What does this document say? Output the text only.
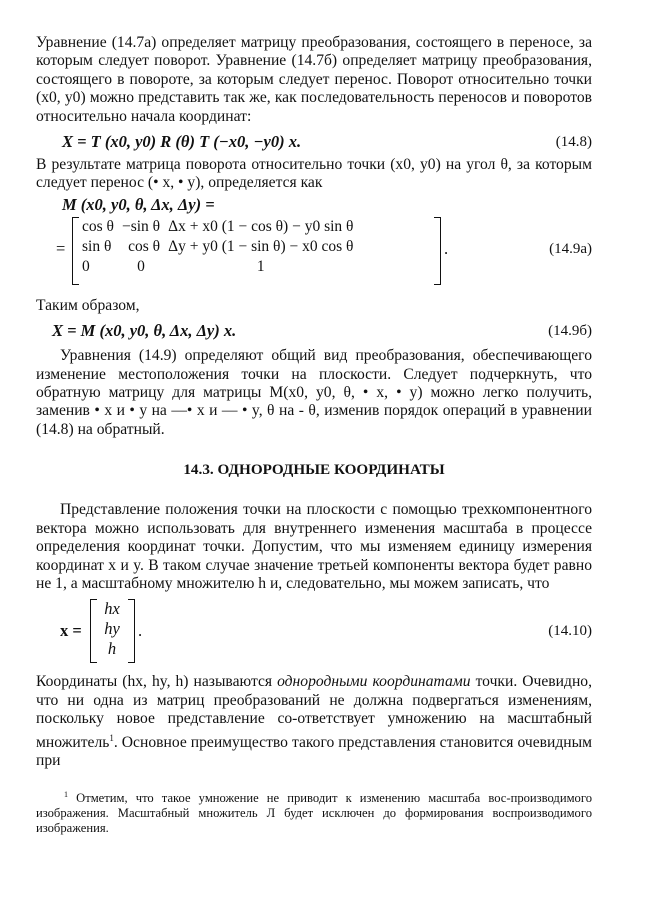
Уравнение (14.7а) определяет матрицу преобразования, состоящего в переносе, за которым следует поворот. Уравнение (14.7б) определяет матрицу преобразования, состоящего в повороте, за которым следует перенос. Поворот относительно точки (x0, y0) можно представить так же, как последовательность переносов и поворотов относительно начала координат:

X = T (x0, y0) R (θ) T (−x0, −y0) x.	(14.8)

В результате матрица поворота относительно точки (x0, y0) на угол θ, за которым следует перенос (• x, • y), определяется как

M (x0, y0, θ, Δx, Δy) =
=
cos θ	−sin θ	Δx + x0 (1 − cos θ) − y0 sin θ
sin θ	cos θ	Δy + y0 (1 − sin θ) − x0 cos θ
0	0	1
.	(14.9а)

Таким образом,

X = M (x0, y0, θ, Δx, Δy) x.	(14.9б)

Уравнения (14.9) определяют общий вид преобразования, обеспечивающего изменение местоположения точки на плоскости. Следует подчеркнуть, что обратную матрицу для матрицы M(x0, y0, θ, • x, • y) можно легко получить, заменив • x и • y на —• x и — • y, θ на - θ, изменив порядок операций в уравнении (14.8) на обратный.

14.3. ОДНОРОДНЫЕ КООРДИНАТЫ

Представление положения точки на плоскости с помощью трехкомпонентного вектора можно использовать для внутреннего изменения масштаба в процессе определения координат точки. Допустим, что мы изменяем единицу измерения координат x и y. В таком случае значение третьей компоненты вектора будет равно не 1, а масштабному множителю h и, следовательно, мы можем записать, что

x =
hx
hy
h
.	(14.10)

Координаты (hx, hy, h) называются однородными координатами точки. Очевидно, что ни одна из матриц преобразований не должна подвергаться изменениям, поскольку новое представление со-ответствует умножению на масштабный множитель$^1$. Основное преимущество такого представления становится очевидным при

$^1$ Отметим, что такое умножение не приводит к изменению масштаба вос-производимого изображения. Масштабный множитель Л будет исключен до формирования воспроизводимого изображения.
